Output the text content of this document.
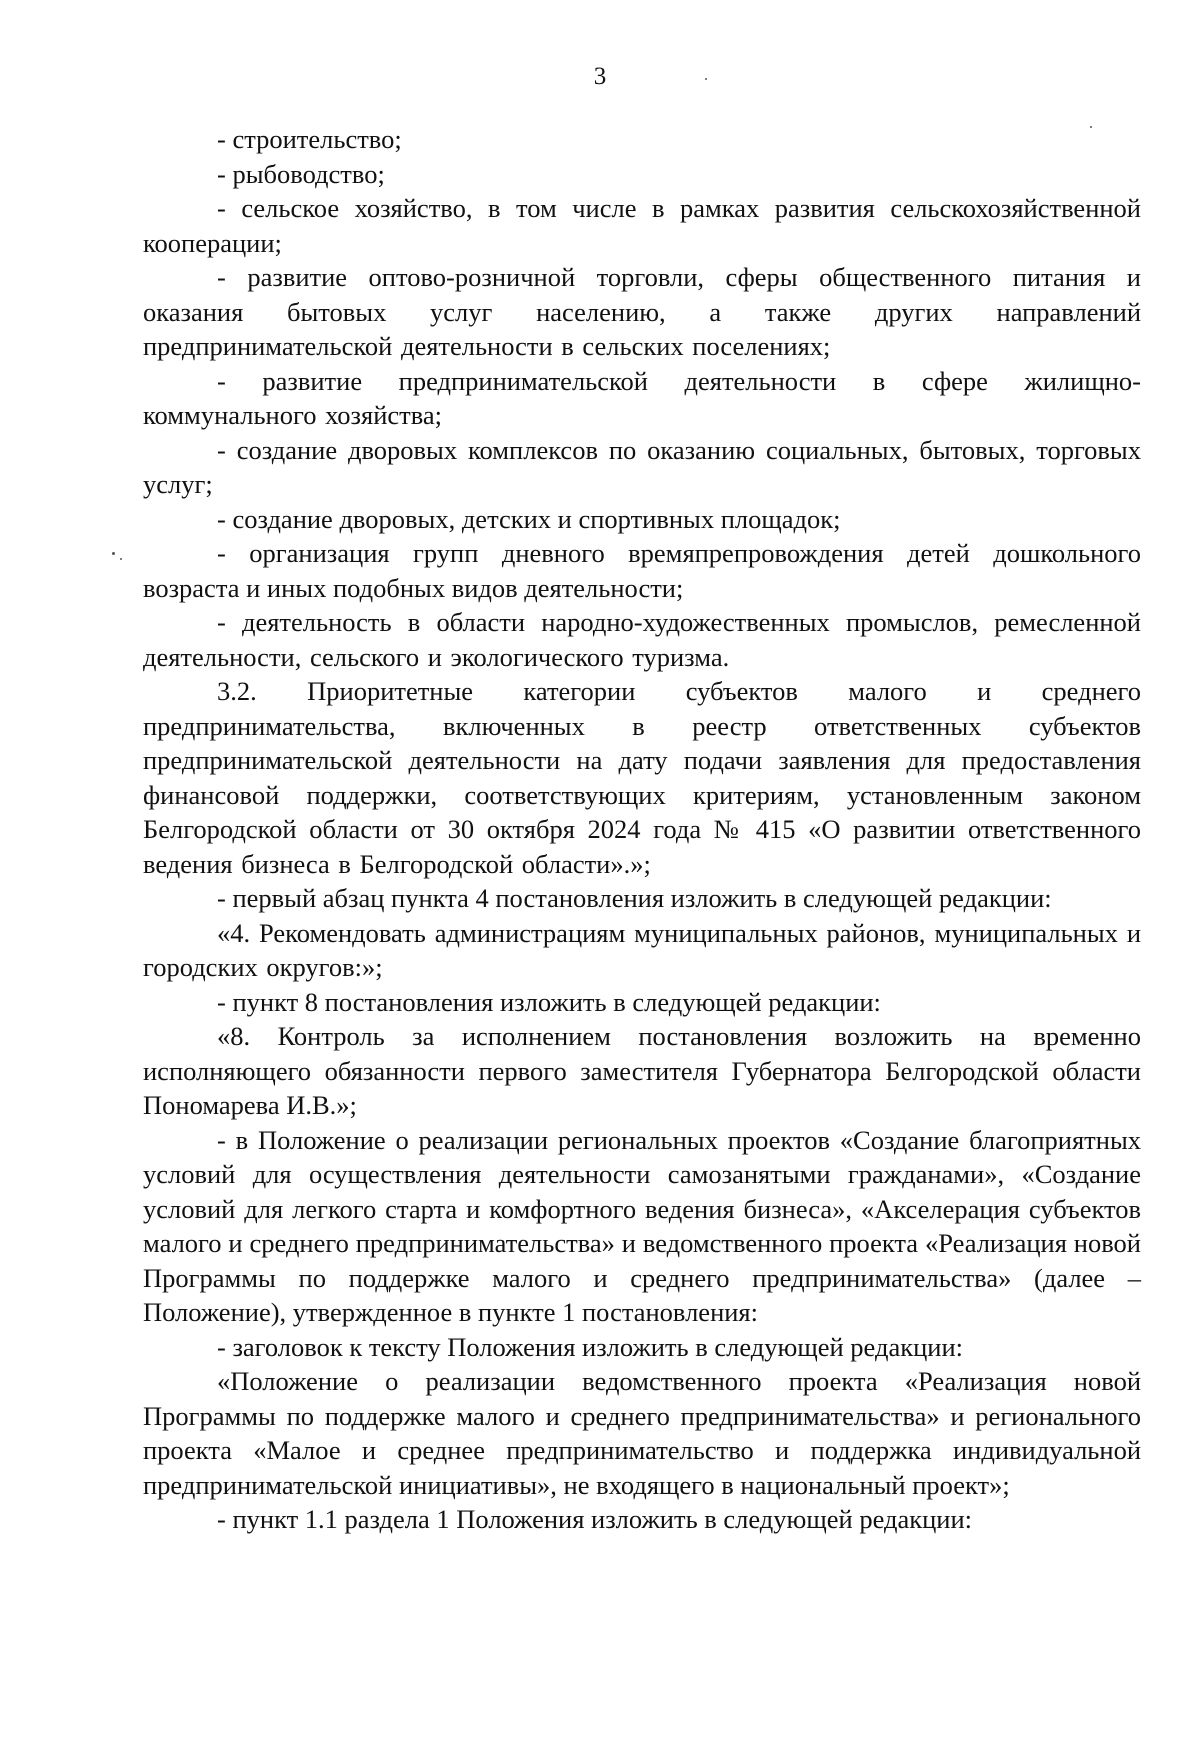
3

- строительство;

- рыбоводство;

- сельское хозяйство, в том числе в рамках развития сельскохозяйственной кооперации;

- развитие оптово-розничной торговли, сферы общественного питания и оказания бытовых услуг населению, а также других направлений предпринимательской деятельности в сельских поселениях;

- развитие предпринимательской деятельности в сфере жилищно-коммунального хозяйства;

- создание дворовых комплексов по оказанию социальных, бытовых, торговых услуг;

- создание дворовых, детских и спортивных площадок;

- организация групп дневного времяпрепровождения детей дошкольного возраста и иных подобных видов деятельности;

- деятельность в области народно-художественных промыслов, ремесленной деятельности, сельского и экологического туризма.

3.2. Приоритетные категории субъектов малого и среднего предпринимательства, включенных в реестр ответственных субъектов предпринимательской деятельности на дату подачи заявления для предоставления финансовой поддержки, соответствующих критериям, установленным законом Белгородской области от 30 октября 2024 года № 415 «О развитии ответственного ведения бизнеса в Белгородской области».»;

- первый абзац пункта 4 постановления изложить в следующей редакции:

«4. Рекомендовать администрациям муниципальных районов, муниципальных и городских округов:»;

- пункт 8 постановления изложить в следующей редакции:

«8. Контроль за исполнением постановления возложить на временно исполняющего обязанности первого заместителя Губернатора Белгородской области Пономарева И.В.»;

- в Положение о реализации региональных проектов «Создание благоприятных условий для осуществления деятельности самозанятыми гражданами», «Создание условий для легкого старта и комфортного ведения бизнеса», «Акселерация субъектов малого и среднего предпринимательства» и ведомственного проекта «Реализация новой Программы по поддержке малого и среднего предпринимательства» (далее – Положение), утвержденное в пункте 1 постановления:

- заголовок к тексту Положения изложить в следующей редакции:

«Положение о реализации ведомственного проекта «Реализация новой Программы по поддержке малого и среднего предпринимательства» и регионального проекта «Малое и среднее предпринимательство и поддержка индивидуальной предпринимательской инициативы», не входящего в национальный проект»;

- пункт 1.1 раздела 1 Положения изложить в следующей редакции:
